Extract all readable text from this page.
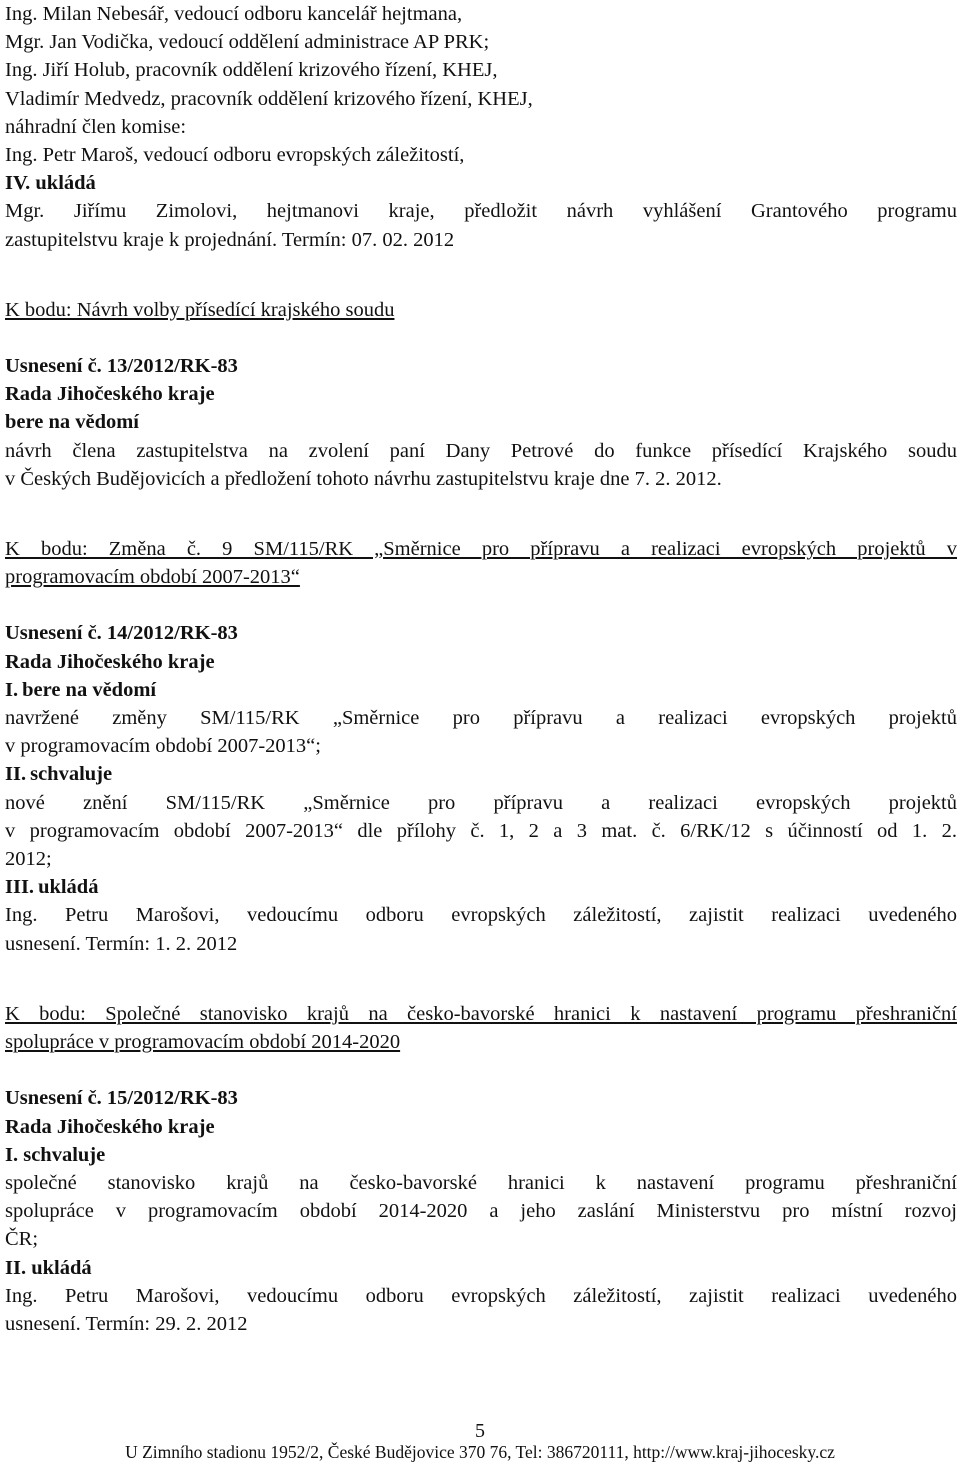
Ing. Milan Nebesář, vedoucí odboru kancelář hejtmana,
Mgr. Jan Vodička, vedoucí oddělení administrace AP PRK;
Ing. Jiří Holub, pracovník oddělení krizového řízení, KHEJ,
Vladimír Medvedz, pracovník oddělení krizového řízení, KHEJ,
náhradní člen komise:
Ing. Petr Maroš, vedoucí odboru evropských záležitostí,
IV. ukládá
Mgr. Jiřímu Zimolovi, hejtmanovi kraje, předložit návrh vyhlášení Grantového programu
zastupitelstvu kraje k projednání. Termín: 07. 02. 2012
K bodu: Návrh volby přísedící krajského soudu
Usnesení č. 13/2012/RK-83
Rada Jihočeského kraje
bere na vědomí
návrh člena zastupitelstva na zvolení paní Dany Petrové do funkce přísedící Krajského soudu
v Českých Budějovicích a předložení tohoto návrhu zastupitelstvu kraje dne 7. 2. 2012.
K bodu: Změna č. 9 SM/115/RK „Směrnice pro přípravu a realizaci evropských projektů v
programovacím období 2007-2013“
Usnesení č. 14/2012/RK-83
Rada Jihočeského kraje
I. bere na vědomí
navržené změny SM/115/RK „Směrnice pro přípravu a realizaci evropských projektů
v programovacím období 2007-2013“;
II. schvaluje
nové znění SM/115/RK „Směrnice pro přípravu a realizaci evropských projektů
v programovacím období 2007-2013“ dle přílohy č. 1, 2 a 3 mat. č. 6/RK/12 s účinností od 1. 2.
2012;
III. ukládá
Ing. Petru Marošovi, vedoucímu odboru evropských záležitostí, zajistit realizaci uvedeného
usnesení. Termín: 1. 2. 2012
K bodu: Společné stanovisko krajů na česko-bavorské hranici k nastavení programu přeshraniční
spolupráce v programovacím období 2014-2020
Usnesení č. 15/2012/RK-83
Rada Jihočeského kraje
I. schvaluje
společné stanovisko krajů na česko-bavorské hranici k nastavení programu přeshraniční
spolupráce v programovacím období 2014-2020 a jeho zaslání Ministerstvu pro místní rozvoj
ČR;
II. ukládá
Ing. Petru Marošovi, vedoucímu odboru evropských záležitostí, zajistit realizaci uvedeného
usnesení. Termín: 29. 2. 2012
5
U Zimního stadionu 1952/2, České Budějovice 370 76, Tel: 386720111, http://www.kraj-jihocesky.cz
